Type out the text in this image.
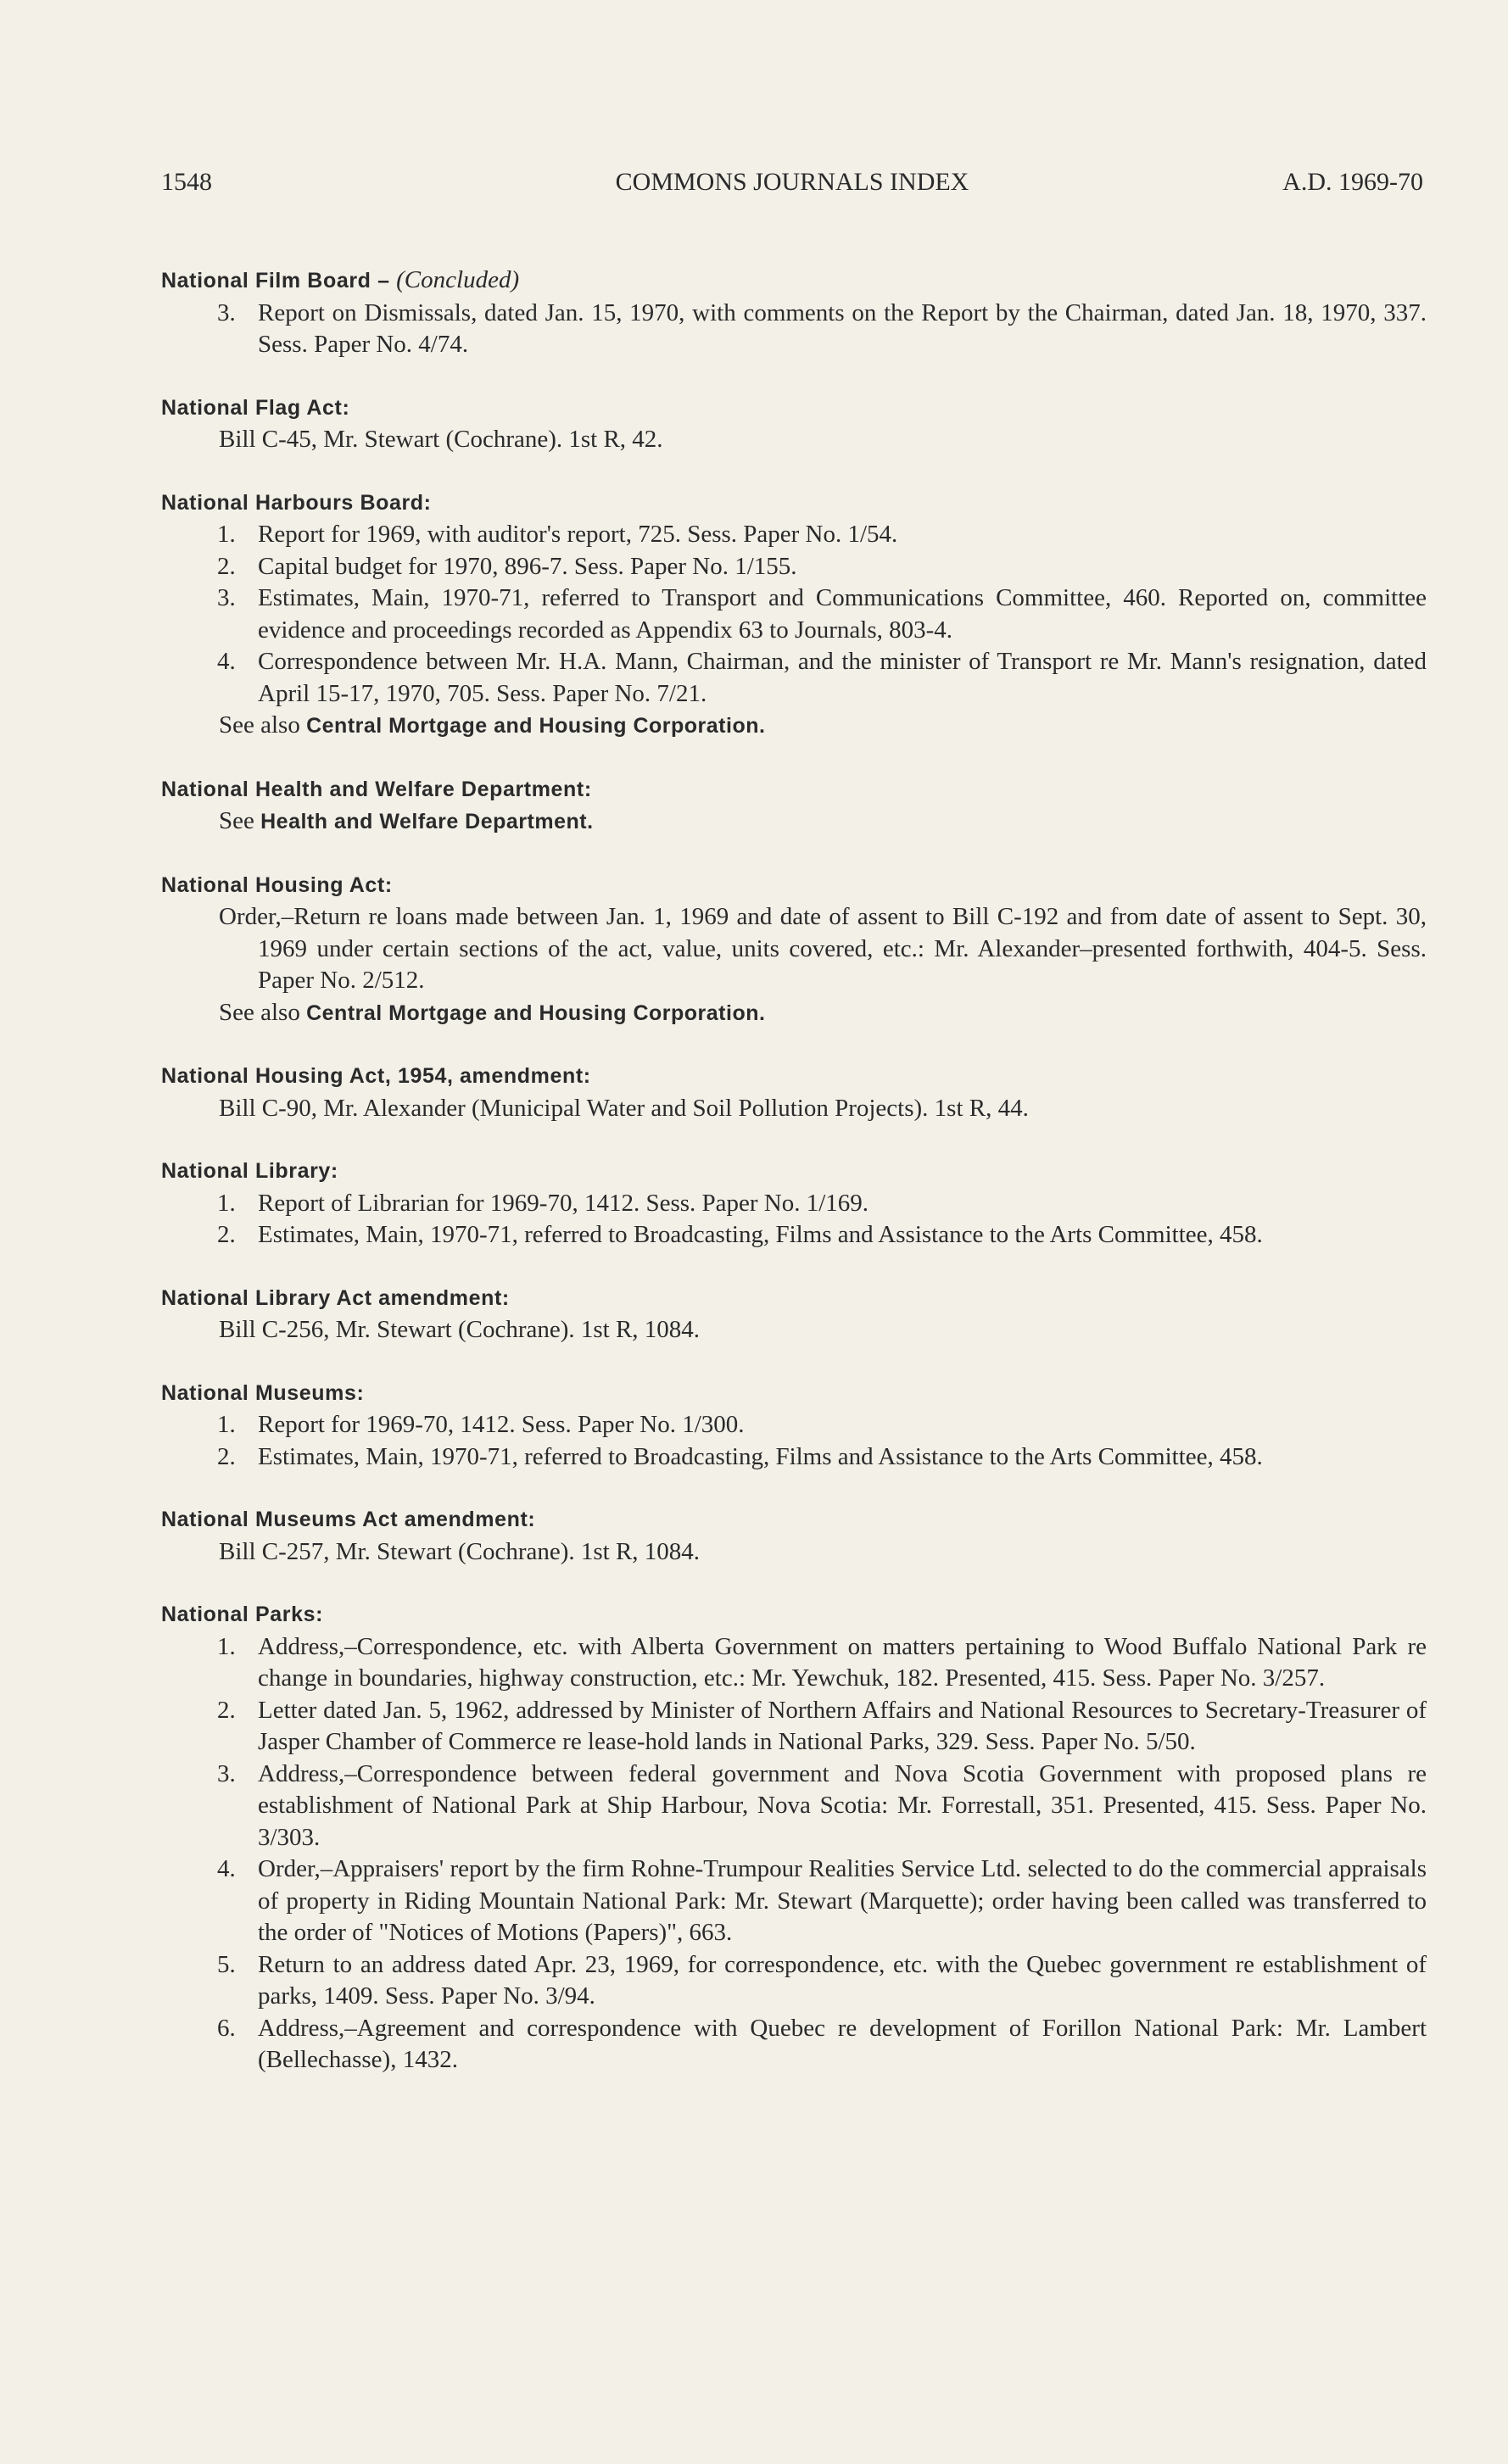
1548	COMMONS JOURNALS INDEX	A.D. 1969-70
National Film Board – (Concluded)
3. Report on Dismissals, dated Jan. 15, 1970, with comments on the Report by the Chairman, dated Jan. 18, 1970, 337. Sess. Paper No. 4/74.
National Flag Act:
Bill C-45, Mr. Stewart (Cochrane). 1st R, 42.
National Harbours Board:
1. Report for 1969, with auditor's report, 725. Sess. Paper No. 1/54.
2. Capital budget for 1970, 896-7. Sess. Paper No. 1/155.
3. Estimates, Main, 1970-71, referred to Transport and Communications Committee, 460. Reported on, committee evidence and proceedings recorded as Appendix 63 to Journals, 803-4.
4. Correspondence between Mr. H.A. Mann, Chairman, and the minister of Transport re Mr. Mann's resignation, dated April 15-17, 1970, 705. Sess. Paper No. 7/21.
See also Central Mortgage and Housing Corporation.
National Health and Welfare Department:
See Health and Welfare Department.
National Housing Act:
Order,–Return re loans made between Jan. 1, 1969 and date of assent to Bill C-192 and from date of assent to Sept. 30, 1969 under certain sections of the act, value, units covered, etc.: Mr. Alexander–presented forthwith, 404-5. Sess. Paper No. 2/512.
See also Central Mortgage and Housing Corporation.
National Housing Act, 1954, amendment:
Bill C-90, Mr. Alexander (Municipal Water and Soil Pollution Projects). 1st R, 44.
National Library:
1. Report of Librarian for 1969-70, 1412. Sess. Paper No. 1/169.
2. Estimates, Main, 1970-71, referred to Broadcasting, Films and Assistance to the Arts Committee, 458.
National Library Act amendment:
Bill C-256, Mr. Stewart (Cochrane). 1st R, 1084.
National Museums:
1. Report for 1969-70, 1412. Sess. Paper No. 1/300.
2. Estimates, Main, 1970-71, referred to Broadcasting, Films and Assistance to the Arts Committee, 458.
National Museums Act amendment:
Bill C-257, Mr. Stewart (Cochrane). 1st R, 1084.
National Parks:
1. Address,–Correspondence, etc. with Alberta Government on matters pertaining to Wood Buffalo National Park re change in boundaries, highway construction, etc.: Mr. Yewchuk, 182. Presented, 415. Sess. Paper No. 3/257.
2. Letter dated Jan. 5, 1962, addressed by Minister of Northern Affairs and National Resources to Secretary-Treasurer of Jasper Chamber of Commerce re lease-hold lands in National Parks, 329. Sess. Paper No. 5/50.
3. Address,–Correspondence between federal government and Nova Scotia Government with proposed plans re establishment of National Park at Ship Harbour, Nova Scotia: Mr. Forrestall, 351. Presented, 415. Sess. Paper No. 3/303.
4. Order,–Appraisers' report by the firm Rohne-Trumpour Realities Service Ltd. selected to do the commercial appraisals of property in Riding Mountain National Park: Mr. Stewart (Marquette); order having been called was transferred to the order of "Notices of Motions (Papers)", 663.
5. Return to an address dated Apr. 23, 1969, for correspondence, etc. with the Quebec government re establishment of parks, 1409. Sess. Paper No. 3/94.
6. Address,–Agreement and correspondence with Quebec re development of Forillon National Park: Mr. Lambert (Bellechasse), 1432.
